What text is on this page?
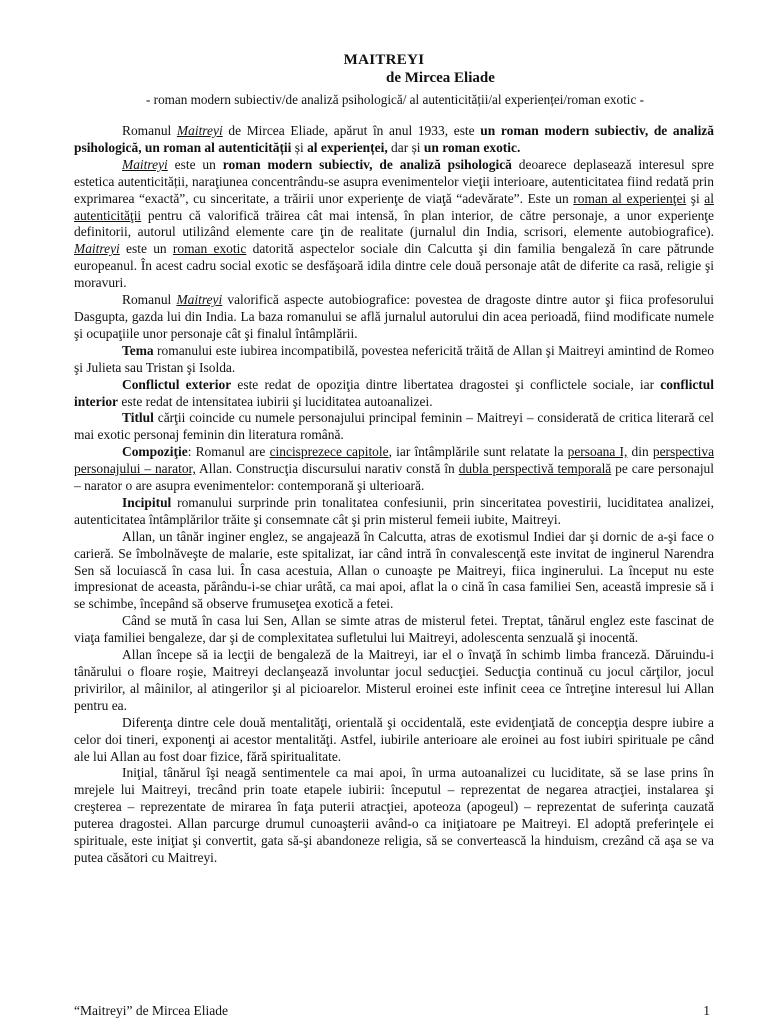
MAITREYI
de Mircea Eliade
- roman modern subiectiv/de analiză psihologică/ al autenticității/al experienței/roman exotic -

Romanul Maitreyi de Mircea Eliade, apărut în anul 1933, este un roman modern subiectiv, de analiză psihologică, un roman al autenticității și al experienței, dar și un roman exotic.

Maitreyi este un roman modern subiectiv, de analiză psihologică deoarece deplasează interesul spre estetica autenticității, naraţiunea concentrându-se asupra evenimentelor vieţii interioare, autenticitatea fiind redată prin exprimarea “exactă”, cu sinceritate, a trăirii unor experienţe de viaţă “adevărate”. Este un roman al experienţei şi al autenticităţii pentru că valorifică trăirea cât mai intensă, în plan interior, de către personaje, a unor experienţe definitorii, autorul utilizând elemente care ţin de realitate (jurnalul din India, scrisori, elemente autobiografice). Maitreyi este un roman exotic datorită aspectelor sociale din Calcutta şi din familia bengaleză în care pătrunde europeanul. În acest cadru social exotic se desfăşoară idila dintre cele două personaje atât de diferite ca rasă, religie şi moravuri.

Romanul Maitreyi valorifică aspecte autobiografice: povestea de dragoste dintre autor şi fiica profesorului Dasgupta, gazda lui din India. La baza romanului se află jurnalul autorului din acea perioadă, fiind modificate numele şi ocupaţiile unor personaje cât şi finalul întâmplării.

Tema romanului este iubirea incompatibilă, povestea nefericită trăită de Allan şi Maitreyi amintind de Romeo şi Julieta sau Tristan şi Isolda.

Conflictul exterior este redat de opoziţia dintre libertatea dragostei şi conflictele sociale, iar conflictul interior este redat de intensitatea iubirii şi luciditatea autoanalizei.

Titlul cărţii coincide cu numele personajului principal feminin – Maitreyi – considerată de critica literară cel mai exotic personaj feminin din literatura română.

Compoziţie: Romanul are cincisprezece capitole, iar întâmplările sunt relatate la persoana I, din perspectiva personajului – narator, Allan. Construcţia discursului narativ constă în dubla perspectivă temporală pe care personajul – narator o are asupra evenimentelor: contemporană şi ulterioară.

Incipitul romanului surprinde prin tonalitatea confesiunii, prin sinceritatea povestirii, luciditatea analizei, autenticitatea întâmplărilor trăite şi consemnate cât şi prin misterul femeii iubite, Maitreyi.

Allan, un tânăr inginer englez, se angajează în Calcutta, atras de exotismul Indiei dar şi dornic de a-şi face o carieră. Se îmbolnăveşte de malarie, este spitalizat, iar când intră în convalescenţă este invitat de inginerul Narendra Sen să locuiască în casa lui. În casa acestuia, Allan o cunoaşte pe Maitreyi, fiica inginerului. La început nu este impresionat de aceasta, părându-i-se chiar urâtă, ca mai apoi, aflat la o cină în casa familiei Sen, această impresie să i se schimbe, începând să observe frumuseţea exotică a fetei.

Când se mută în casa lui Sen, Allan se simte atras de misterul fetei. Treptat, tânărul englez este fascinat de viaţa familiei bengaleze, dar şi de complexitatea sufletului lui Maitreyi, adolescenta senzuală şi inocentă.

Allan începe să ia lecţii de bengaleză de la Maitreyi, iar el o învaţă în schimb limba franceză. Dăruindu-i tânărului o floare roşie, Maitreyi declanşează involuntar jocul seducţiei. Seducţia continuă cu jocul cărţilor, jocul privirilor, al mâinilor, al atingerilor şi al picioarelor. Misterul eroinei este infinit ceea ce întreţine interesul lui Allan pentru ea.

Diferenţa dintre cele două mentalităţi, orientală şi occidentală, este evidenţiată de concepţia despre iubire a celor doi tineri, exponenţi ai acestor mentalităţi. Astfel, iubirile anterioare ale eroinei au fost iubiri spirituale pe când ale lui Allan au fost doar fizice, fără spiritualitate.

Iniţial, tânărul îşi neagă sentimentele ca mai apoi, în urma autoanalizei cu luciditate, să se lase prins în mrejele lui Maitreyi, trecând prin toate etapele iubirii: începutul – reprezentat de negarea atracţiei, instalarea şi creşterea – reprezentate de mirarea în faţa puterii atracţiei, apoteoza (apogeul) – reprezentat de suferinţa cauzată puterea dragostei. Allan parcurge drumul cunoaşterii având-o ca iniţiatoare pe Maitreyi. El adoptă preferinţele ei spirituale, este iniţiat şi convertit, gata să-şi abandoneze religia, să se convertească la hinduism, crezând că aşa se va putea căsători cu Maitreyi.

“Maitreyi” de Mircea Eliade	1
